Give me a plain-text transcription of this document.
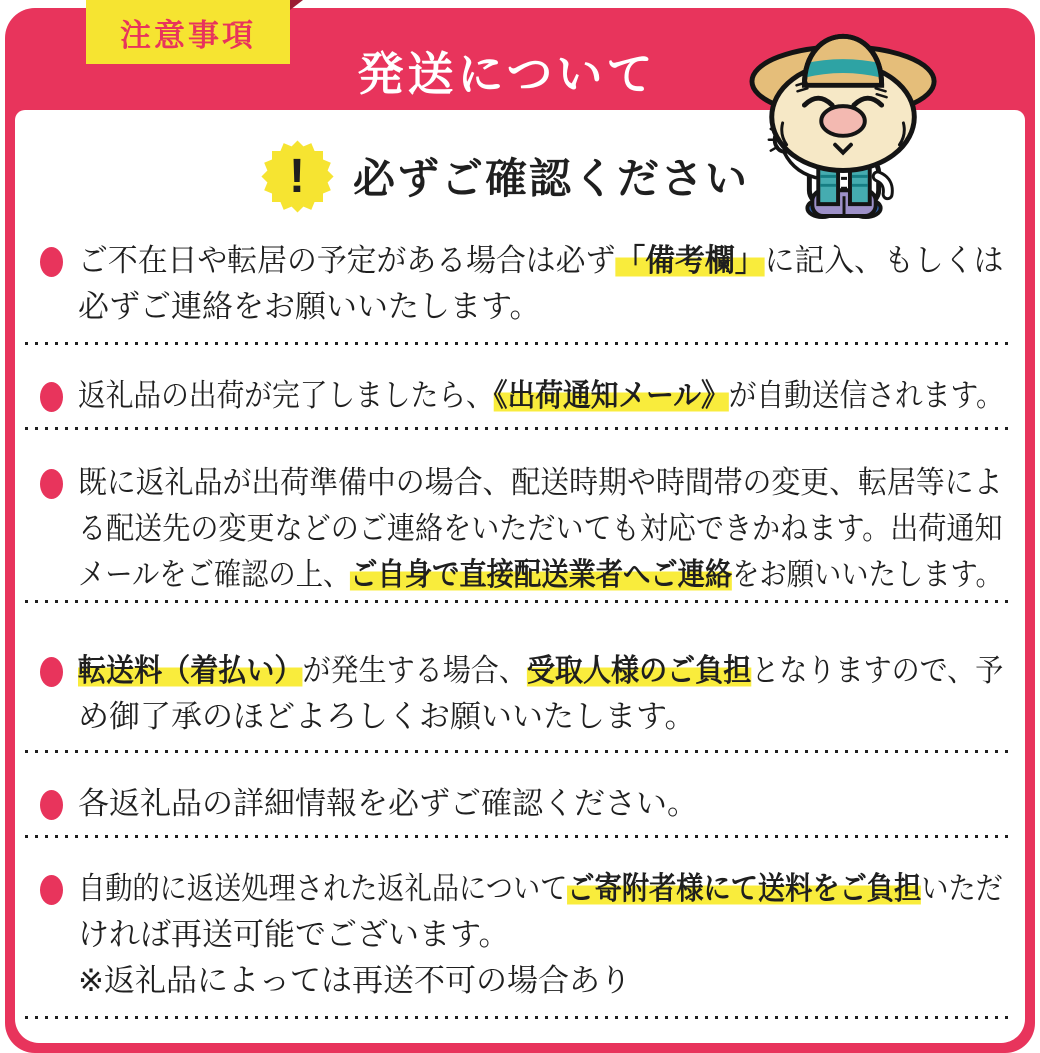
注意事項
発送について
!	必ずご確認ください
ご不在日や転居の予定がある場合は必ず「備考欄」に記入、もしくは
必ずご連絡をお願いいたします。
返礼品の出荷が完了しましたら、《出荷通知メール》が自動送信されます。
既に返礼品が出荷準備中の場合、配送時期や時間帯の変更、転居等によ
る配送先の変更などのご連絡をいただいても対応できかねます。出荷通知
メールをご確認の上、ご自身で直接配送業者へご連絡をお願いいたします。
転送料（着払い）が発生する場合、受取人様のご負担となりますので、予
め御了承のほどよろしくお願いいたします。
各返礼品の詳細情報を必ずご確認ください。
自動的に返送処理された返礼品についてご寄附者様にて送料をご負担いただ
ければ再送可能でございます。
※返礼品によっては再送不可の場合あり
